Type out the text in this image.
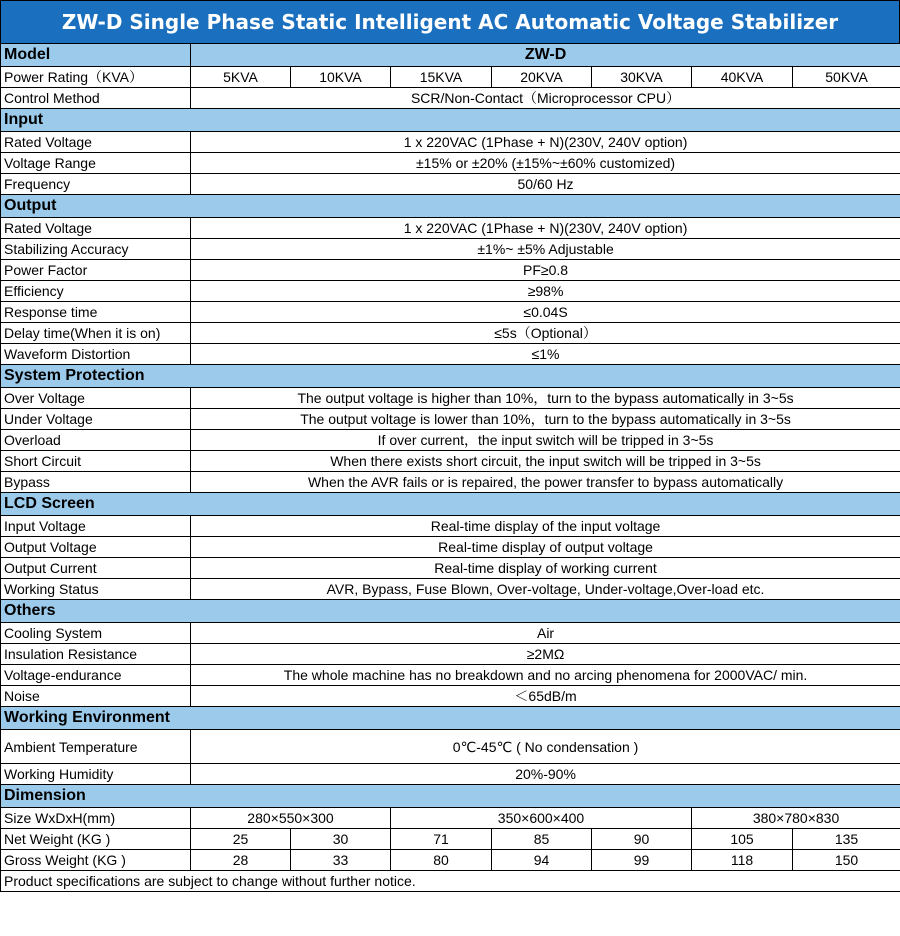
ZW-D Single Phase Static Intelligent AC Automatic Voltage Stabilizer
Model	ZW-D						
Power Rating（KVA）	5KVA	10KVA	15KVA	20KVA	30KVA	40KVA	50KVA
Control Method	SCR/Non-Contact（Microprocessor CPU）						
Input							
Rated Voltage	1 x 220VAC (1Phase + N)(230V, 240V option)						
Voltage Range	±15% or ±20% (±15%~±60% customized)						
Frequency	50/60 Hz						
Output							
Rated Voltage	1 x 220VAC (1Phase + N)(230V, 240V option)						
Stabilizing Accuracy	±1%~ ±5% Adjustable						
Power Factor	PF≥0.8						
Efficiency	≥98%						
Response time	≤0.04S						
Delay time(When it is on)	≤5s（Optional）						
Waveform Distortion	≤1%						
System Protection							
Over Voltage	The output voltage is higher than 10%，turn to the bypass automatically in 3~5s						
Under Voltage	The output voltage is lower than 10%，turn to the bypass automatically in 3~5s						
Overload	If over current，the input switch will be tripped in 3~5s						
Short Circuit	When there exists short circuit, the input switch will be tripped in 3~5s						
Bypass	When the AVR fails or is repaired, the power transfer to bypass automatically						
LCD Screen							
Input Voltage	Real-time display of the input voltage						
Output Voltage	Real-time display of output voltage						
Output Current	Real-time display of working current						
Working Status	AVR, Bypass, Fuse Blown, Over-voltage, Under-voltage,Over-load etc.						
Others							
Cooling System	Air						
Insulation Resistance	≥2MΩ						
Voltage-endurance	The whole machine has no breakdown and no arcing phenomena for 2000VAC/ min.						
Noise	＜65dB/m						
Working Environment							
Ambient Temperature	0℃-45℃ ( No condensation )						
Working Humidity	20%-90%						
Dimension							
Size WxDxH(mm)	280×550×300		350×600×400			380×780×830	
Net Weight (KG )	25	30	71	85	90	105	135
Gross Weight (KG )	28	33	80	94	99	118	150
Product specifications are subject to change without further notice.							
